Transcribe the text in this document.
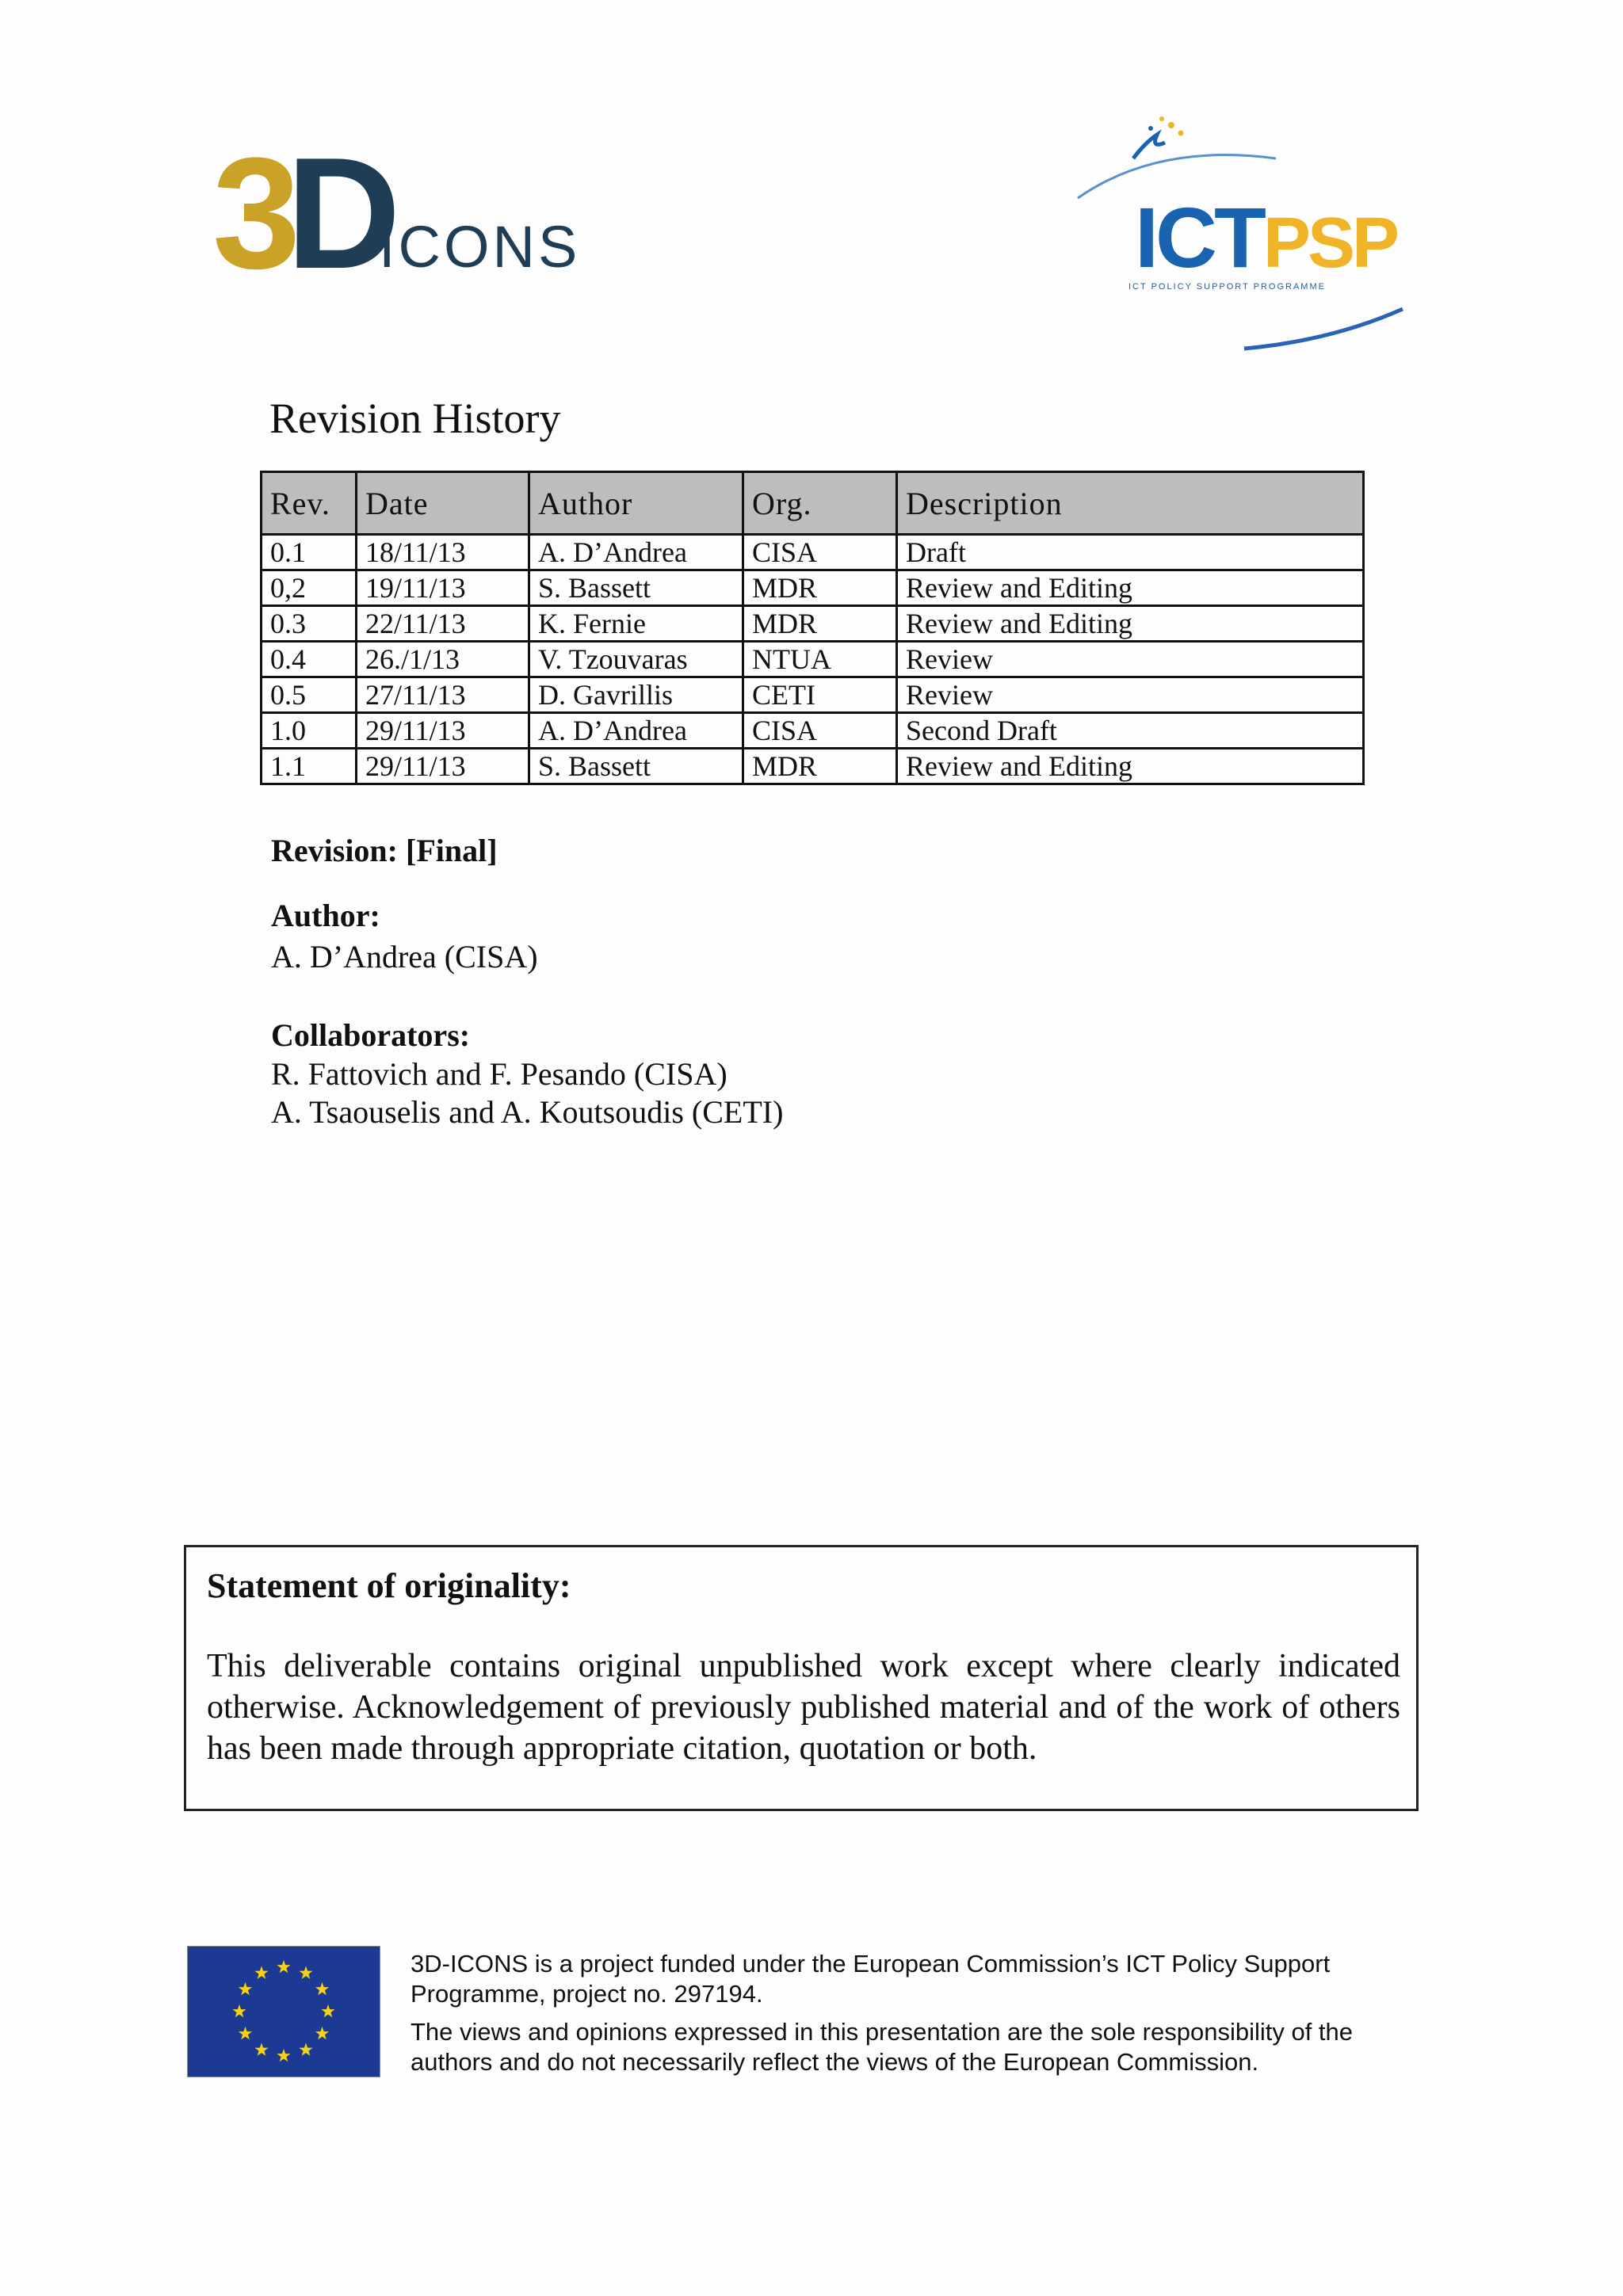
3D
ICONS	ICTPSP
ICT POLICY SUPPORT PROGRAMME
Revision History
Rev.	Date	Author	Org.	Description
0.1	18/11/13	A. D’Andrea	CISA	Draft
0,2	19/11/13	S. Bassett	MDR	Review and Editing
0.3	22/11/13	K. Fernie	MDR	Review and Editing
0.4	26./1/13	V. Tzouvaras	NTUA	Review
0.5	27/11/13	D. Gavrillis	CETI	Review
1.0	29/11/13	A. D’Andrea	CISA	Second Draft
1.1	29/11/13	S. Bassett	MDR	Review and Editing
Revision: [Final]
Author:
A. D’Andrea (CISA)
Collaborators:
R. Fattovich and F. Pesando (CISA)
A. Tsaouselis and A. Koutsoudis (CETI)
Statement of originality:
This deliverable contains original unpublished work except where clearly indicated otherwise. Acknowledgement of previously published material and of the work of others has been made through appropriate citation, quotation or both.

3D-ICONS is a project funded under the European Commission’s ICT Policy Support Programme, project no. 297194.

The views and opinions expressed in this presentation are the sole responsibility of the authors and do not necessarily reflect the views of the European Commission.
